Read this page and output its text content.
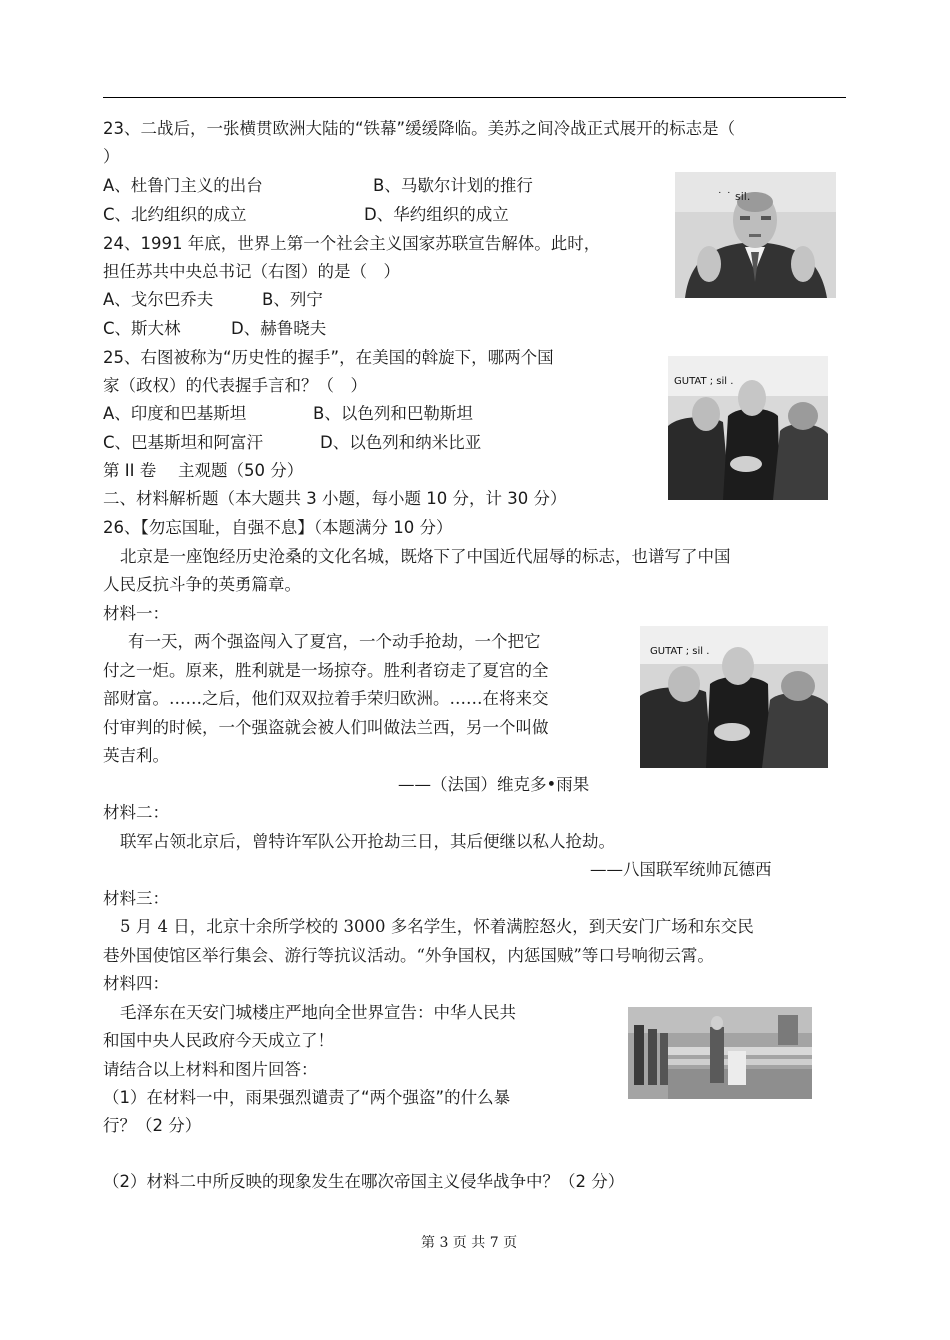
23、二战后，一张横贯欧洲大陆的“铁幕”缓缓降临。美苏之间冷战正式展开的标志是（
）
A、杜鲁门主义的出台	B、马歇尔计划的推行
C、北约组织的成立	D、华约组织的成立
24、1991 年底，世界上第一个社会主义国家苏联宣告解体。此时，
担任苏共中央总书记（右图）的是（　）
A、戈尔巴乔夫	B、列宁
C、斯大林	D、赫鲁晓夫
˙ ˙ sil.
25、右图被称为“历史性的握手”，在美国的斡旋下，哪两个国
家（政权）的代表握手言和？（　）
A、印度和巴基斯坦	B、以色列和巴勒斯坦
C、巴基斯坦和阿富汗	D、以色列和纳米比亚
GUTAT ; sil .
第 II 卷　 主观题（50 分）
二、材料解析题（本大题共 3 小题，每小题 10 分，计 30 分）
26、【勿忘国耻，自强不息】（本题满分 10 分）
北京是一座饱经历史沧桑的文化名城，既烙下了中国近代屈辱的标志，也谱写了中国
人民反抗斗争的英勇篇章。
材料一：
有一天，两个强盗闯入了夏宫，一个动手抢劫，一个把它
付之一炬。原来，胜利就是一场掠夺。胜利者窃走了夏宫的全
部财富。……之后，他们双双拉着手荣归欧洲。……在将来交
付审判的时候，一个强盗就会被人们叫做法兰西，另一个叫做
英吉利。
——（法国）维克多•雨果
GUTAT ; sil .
材料二：
联军占领北京后，曾特许军队公开抢劫三日，其后便继以私人抢劫。
——八国联军统帅瓦德西
材料三：
5 月 4 日，北京十余所学校的 3000 多名学生，怀着满腔怒火，到天安门广场和东交民
巷外国使馆区举行集会、游行等抗议活动。“外争国权，内惩国贼”等口号响彻云霄。
材料四：
毛泽东在天安门城楼庄严地向全世界宣告：中华人民共
和国中央人民政府今天成立了！
请结合以上材料和图片回答：
（1）在材料一中，雨果强烈谴责了“两个强盗”的什么暴
行？（2 分）
（2）材料二中所反映的现象发生在哪次帝国主义侵华战争中？（2 分）
第 3 页 共 7 页
